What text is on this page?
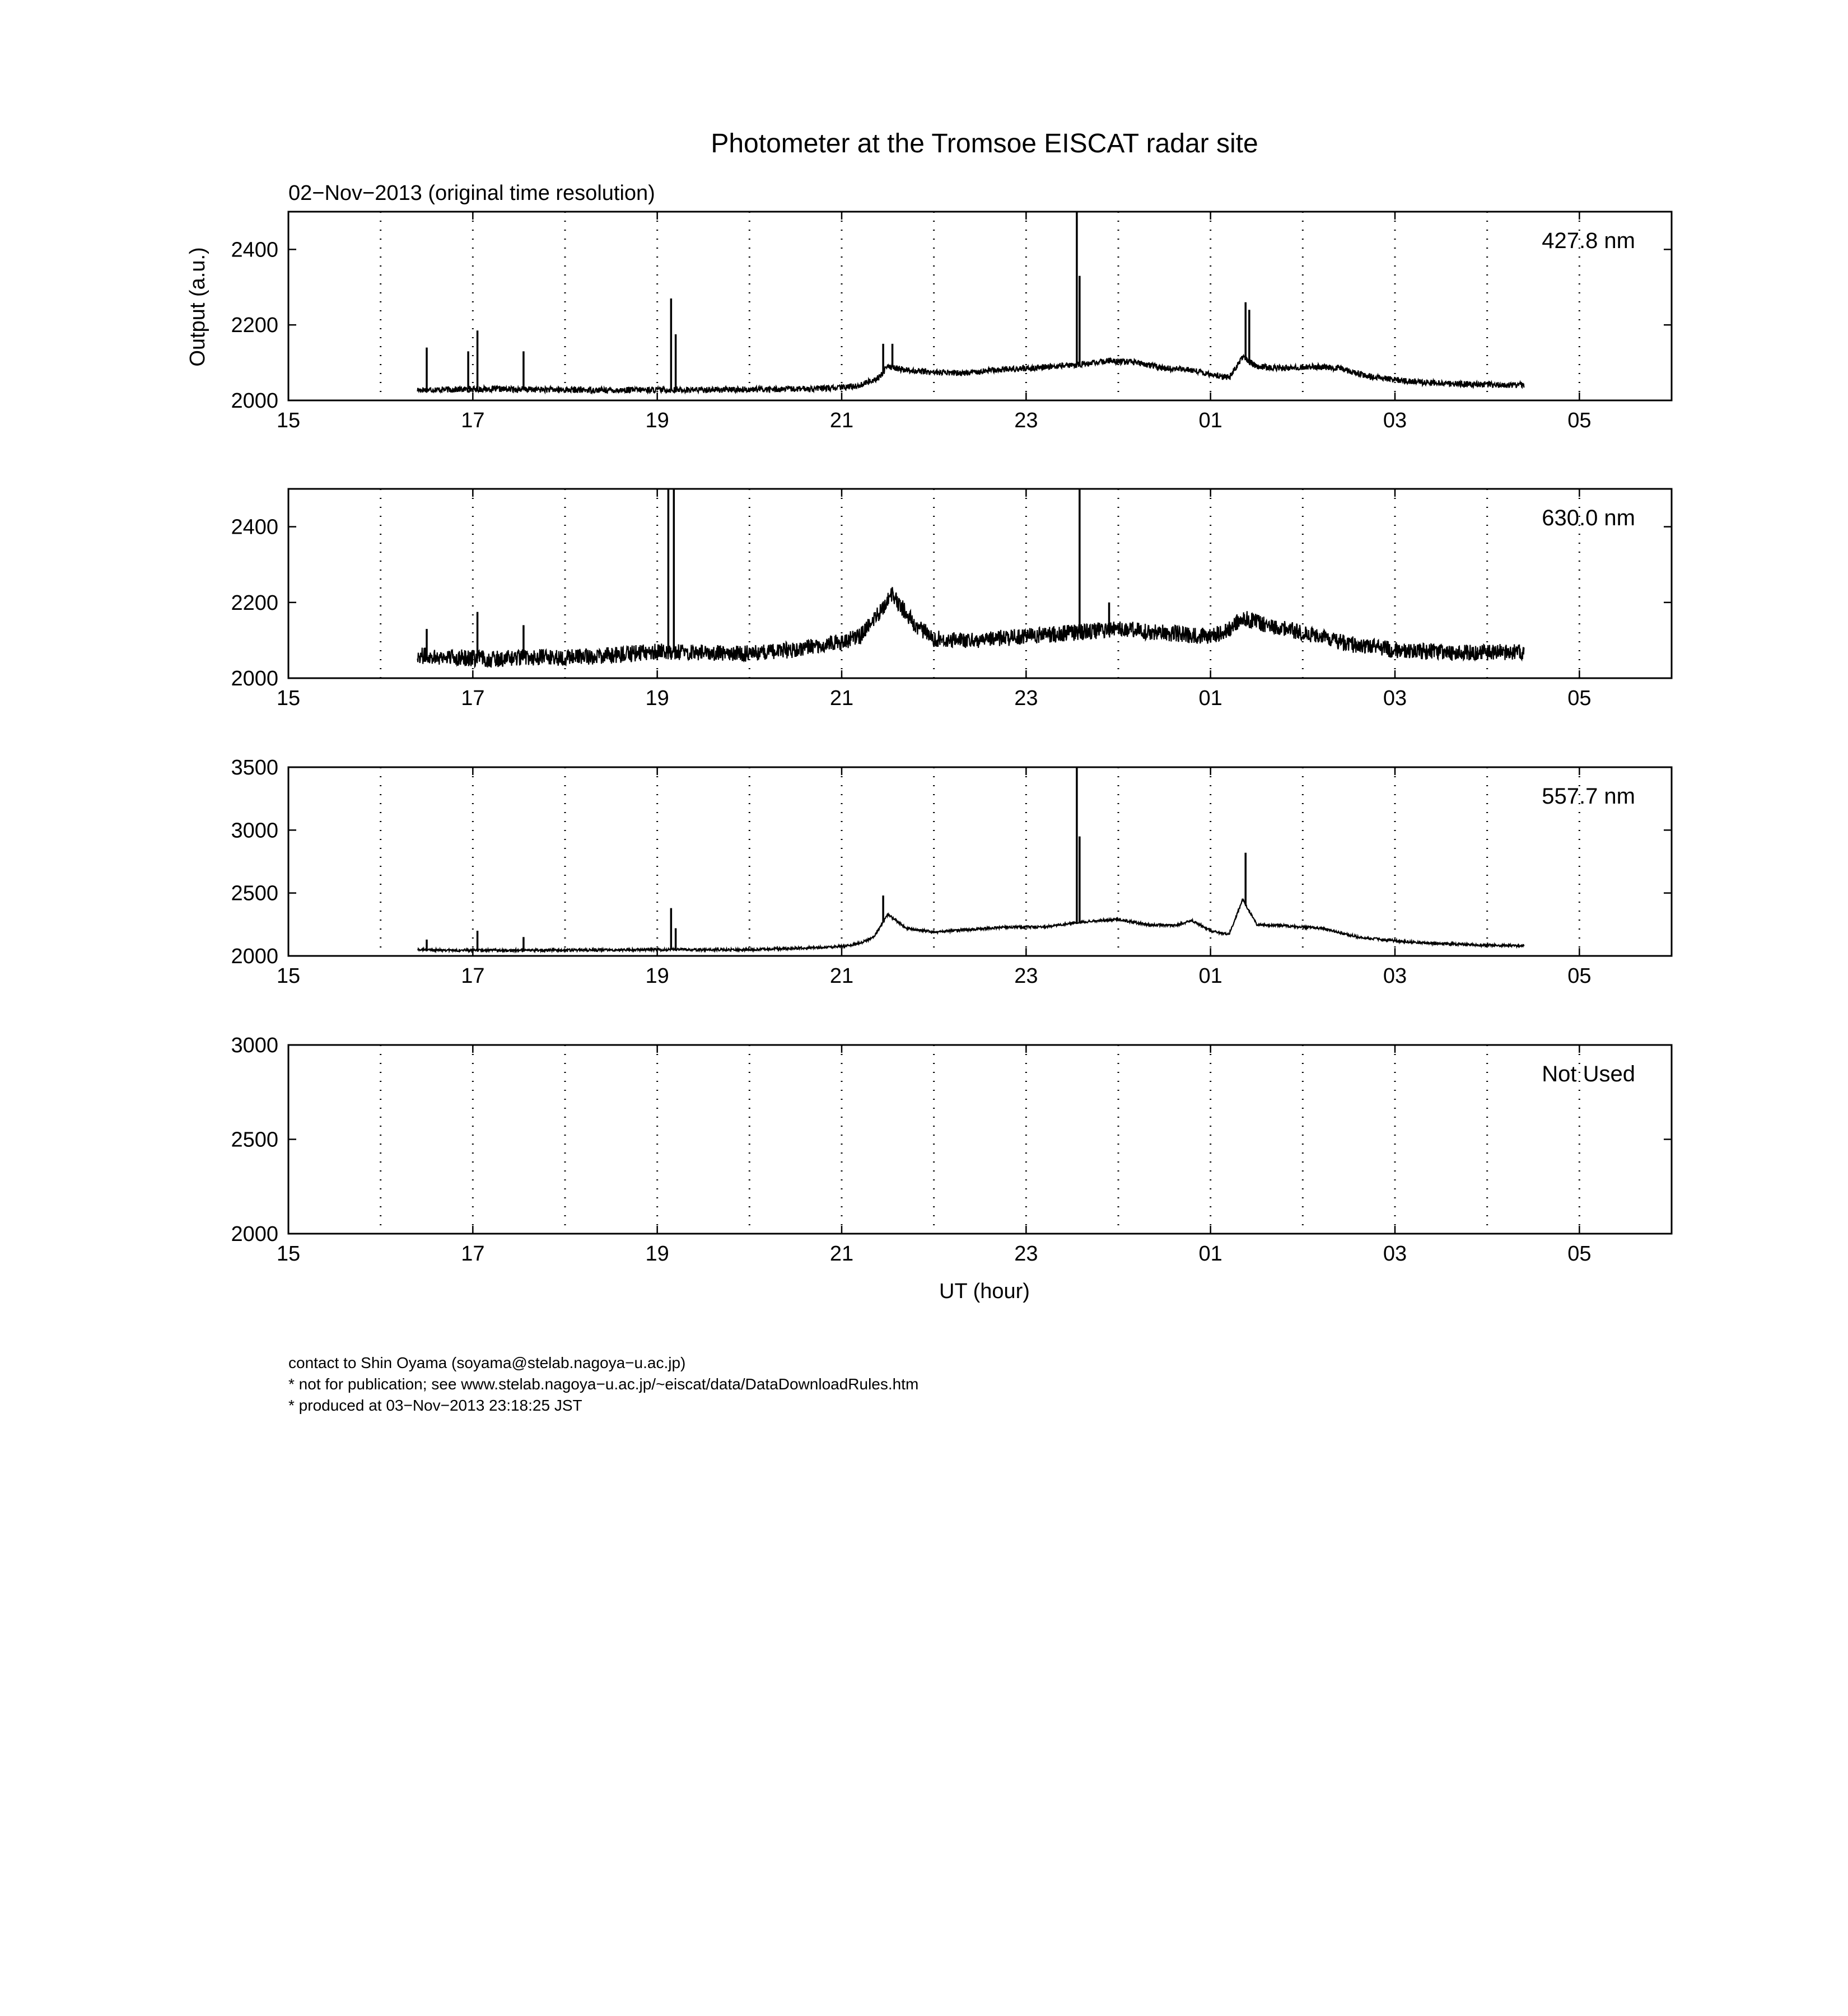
Photometer at the Tromsoe EISCAT radar site
02−Nov−2013 (original time resolution)
Output (a.u.)
UT (hour)
15	17	19	21	23	01	03	05
2000
2200
2400	427.8 nm
15	17	19	21	23	01	03	05
2000
2200
2400	630.0 nm
15	17	19	21	23	01	03	05
2000
2500
3000
3500
557.7 nm
15	17	19	21	23	01	03	05
2000
2500
3000
Not Used
contact to Shin Oyama (soyama@stelab.nagoya−u.ac.jp)
* not for publication; see www.stelab.nagoya−u.ac.jp/~eiscat/data/DataDownloadRules.htm
* produced at 03−Nov−2013 23:18:25 JST
